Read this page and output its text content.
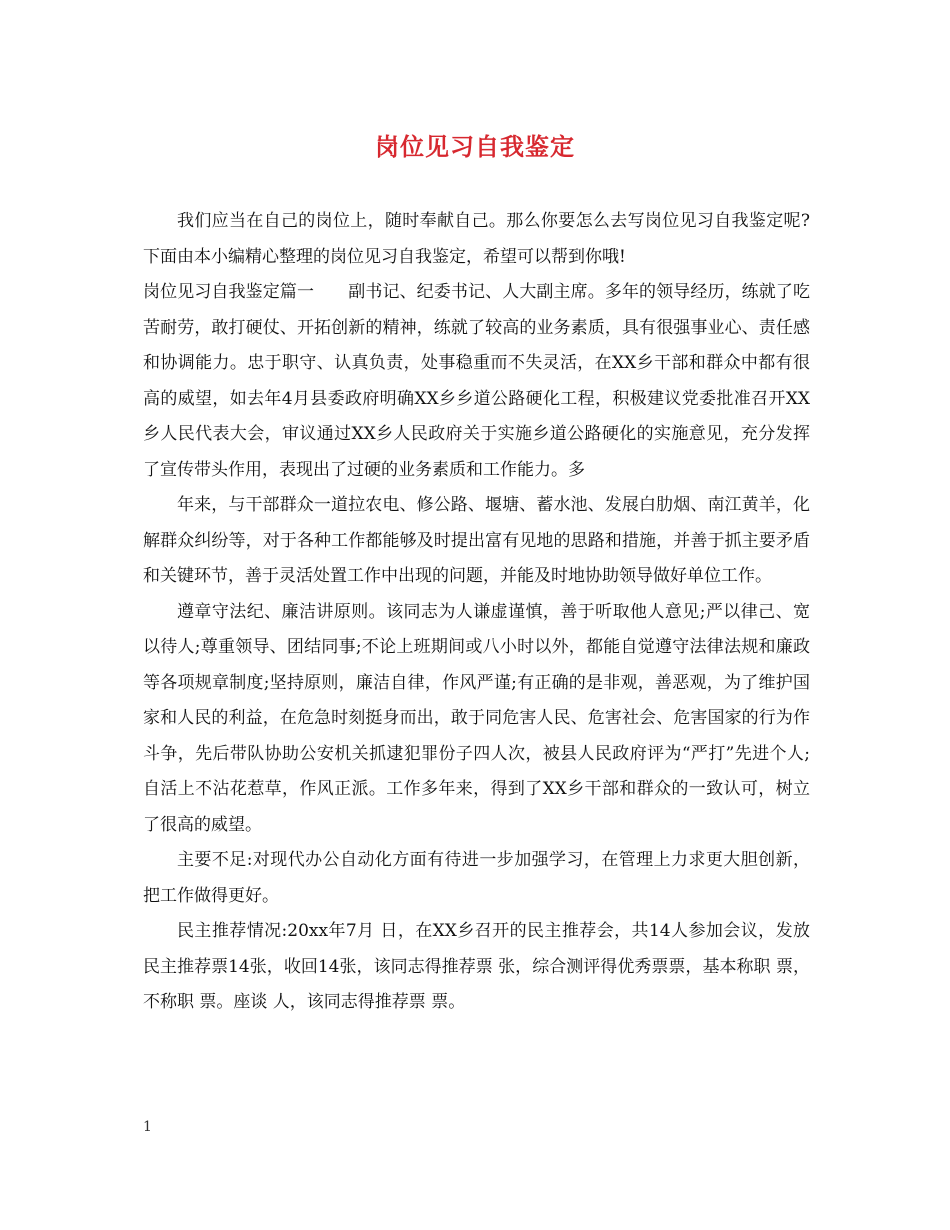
岗位见习自我鉴定

我们应当在自己的岗位上，随时奉献自己。那么你要怎么去写岗位见习自我鉴定呢?下面由本小编精心整理的岗位见习自我鉴定，希望可以帮到你哦!

岗位见习自我鉴定篇一　　副书记、纪委书记、人大副主席。多年的领导经历，练就了吃苦耐劳，敢打硬仗、开拓创新的精神，练就了较高的业务素质，具有很强事业心、责任感和协调能力。忠于职守、认真负责，处事稳重而不失灵活，在XX乡干部和群众中都有很高的威望，如去年4月县委政府明确XX乡乡道公路硬化工程，积极建议党委批准召开XX乡人民代表大会，审议通过XX乡人民政府关于实施乡道公路硬化的实施意见，充分发挥了宣传带头作用，表现出了过硬的业务素质和工作能力。多

年来，与干部群众一道拉农电、修公路、堰塘、蓄水池、发展白肋烟、南江黄羊，化解群众纠纷等，对于各种工作都能够及时提出富有见地的思路和措施，并善于抓主要矛盾和关键环节，善于灵活处置工作中出现的问题，并能及时地协助领导做好单位工作。

遵章守法纪、廉洁讲原则。该同志为人谦虚谨慎，善于听取他人意见;严以律己、宽以待人;尊重领导、团结同事;不论上班期间或八小时以外，都能自觉遵守法律法规和廉政等各项规章制度;坚持原则，廉洁自律，作风严谨;有正确的是非观，善恶观，为了维护国家和人民的利益，在危急时刻挺身而出，敢于同危害人民、危害社会、危害国家的行为作斗争，先后带队协助公安机关抓逮犯罪份子四人次，被县人民政府评为“严打”先进个人;自活上不沾花惹草，作风正派。工作多年来，得到了XX乡干部和群众的一致认可，树立了很高的威望。

主要不足:对现代办公自动化方面有待进一步加强学习，在管理上力求更大胆创新，把工作做得更好。

民主推荐情况:20xx年7月 日，在XX乡召开的民主推荐会，共14人参加会议，发放民主推荐票14张，收回14张，该同志得推荐票 张，综合测评得优秀票票，基本称职 票，不称职 票。座谈 人，该同志得推荐票 票。

1
